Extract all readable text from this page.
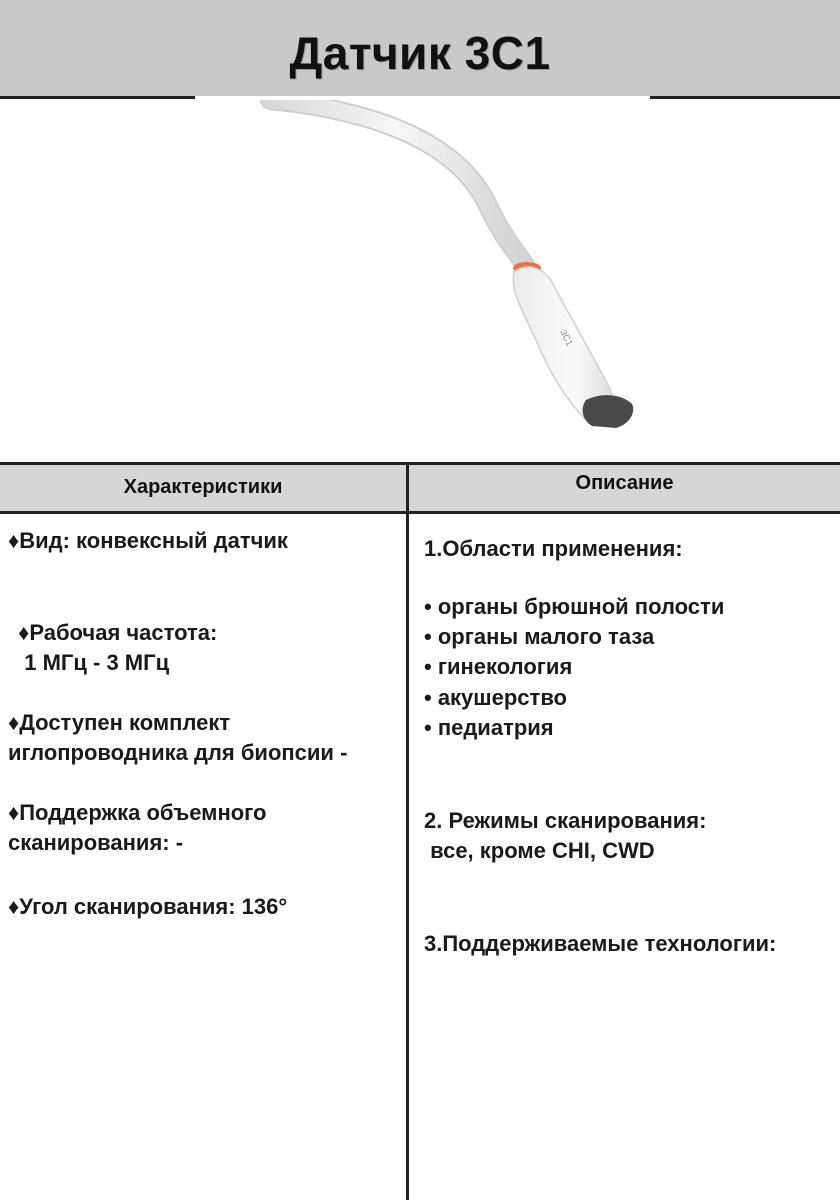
Датчик 3С1
3C1
Характеристики	Описание
♦Вид: конвексный датчик
♦Рабочая частота:
1 МГц - 3 МГц
♦Доступен комплект
иглопроводника для биопсии -
♦Поддержка объемного
сканирования: -
♦Угол сканирования: 136°
1.Области применения:
• органы брюшной полости
• органы малого таза
• гинекология
• акушерство
• педиатрия
2. Режимы сканирования:
все, кроме CHI, CWD
3.Поддерживаемые технологии:
